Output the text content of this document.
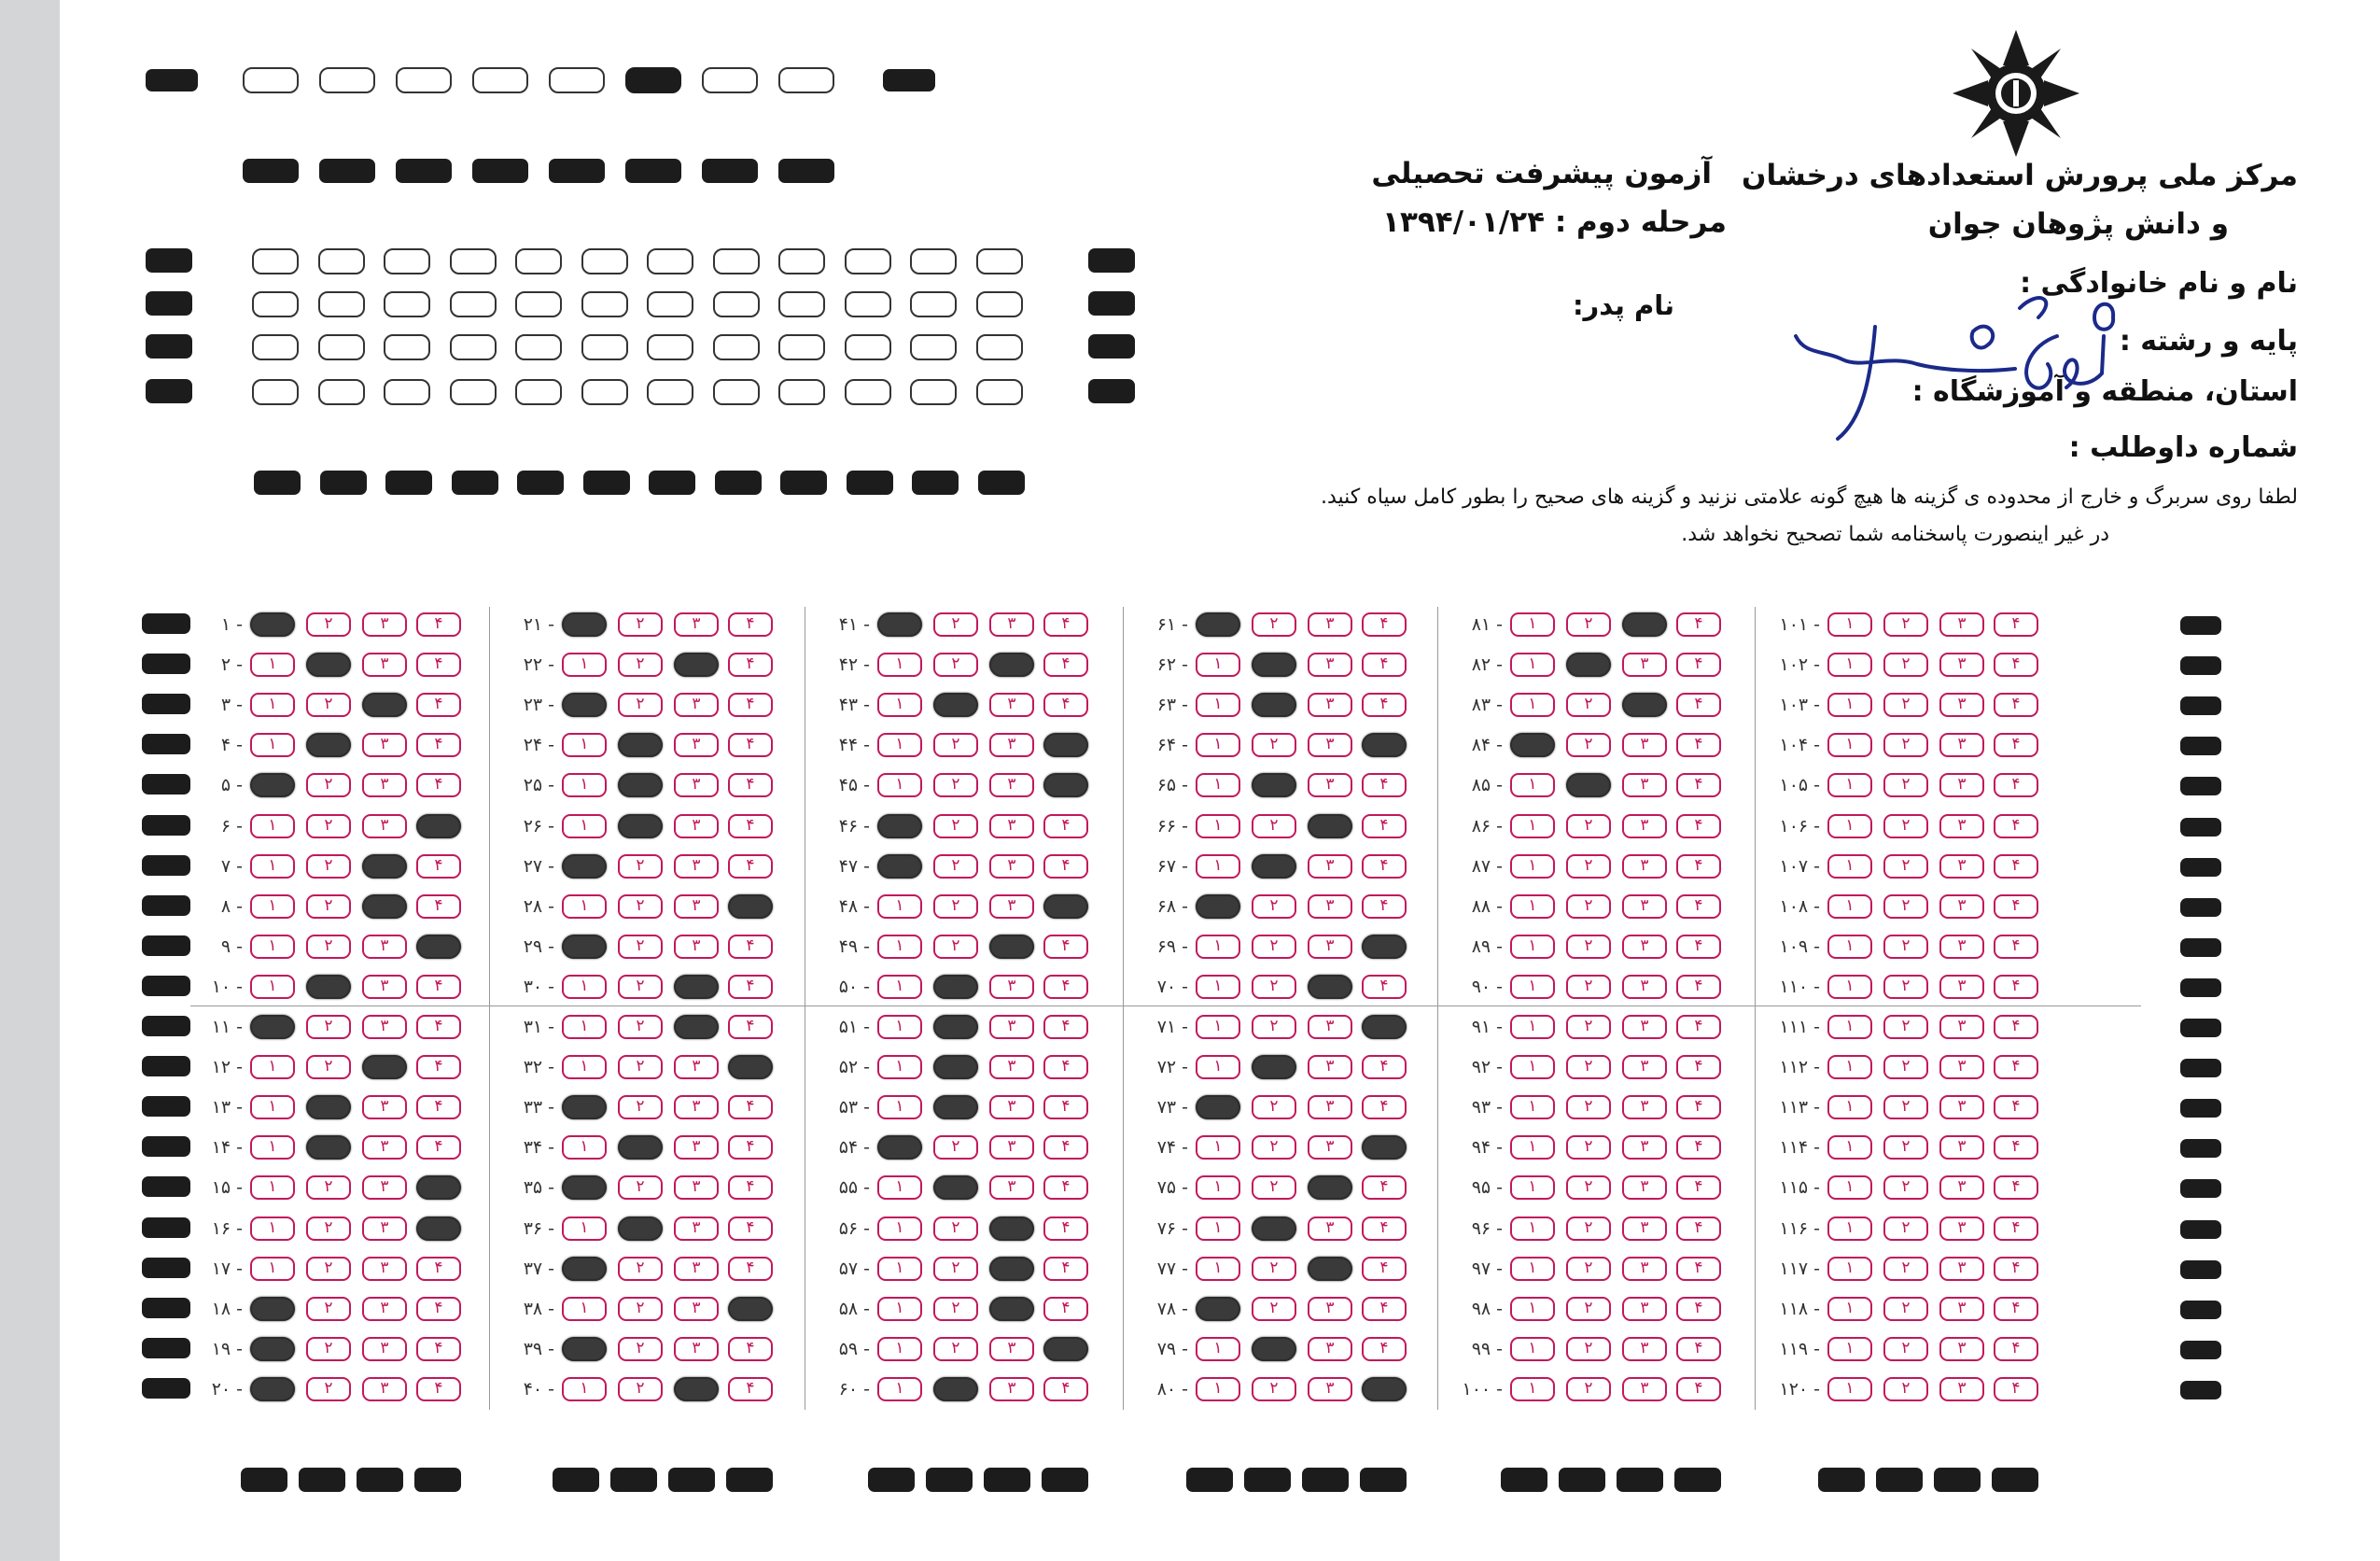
مرکز ملی پرورش استعدادهای درخشان
و دانش پژوهان جوان
آزمون پیشرفت تحصیلی
مرحله دوم : ۱۳۹۴/۰۱/۲۴
نام پدر:
نام و نام خانوادگی :
پایه و رشته :
استان، منطقه و آموزشگاه :
شماره داوطلب :
لطفا روی سربرگ و خارج از محدوده ی گزینه ها هیچ گونه علامتی نزنید و گزینه های صحیح را بطور کامل سیاه کنید.
در غیر اینصورت پاسخنامه شما تصحیح نخواهد شد.
۱ -	۱	۲	۳	۴
۲ -	۱	۲	۳	۴
۳ -	۱	۲	۳	۴
۴ -	۱	۲	۳	۴
۵ -	۱	۲	۳	۴
۶ -	۱	۲	۳	۴
۷ -	۱	۲	۳	۴
۸ -	۱	۲	۳	۴
۹ -	۱	۲	۳	۴
۱۰ -	۱	۲	۳	۴
۱۱ -	۱	۲	۳	۴
۱۲ -	۱	۲	۳	۴
۱۳ -	۱	۲	۳	۴
۱۴ -	۱	۲	۳	۴
۱۵ -	۱	۲	۳	۴
۱۶ -	۱	۲	۳	۴
۱۷ -	۱	۲	۳	۴
۱۸ -	۱	۲	۳	۴
۱۹ -	۱	۲	۳	۴
۲۰ -	۱	۲	۳	۴
۲۱ -	۱	۲	۳	۴
۲۲ -	۱	۲	۳	۴
۲۳ -	۱	۲	۳	۴
۲۴ -	۱	۲	۳	۴
۲۵ -	۱	۲	۳	۴
۲۶ -	۱	۲	۳	۴
۲۷ -	۱	۲	۳	۴
۲۸ -	۱	۲	۳	۴
۲۹ -	۱	۲	۳	۴
۳۰ -	۱	۲	۳	۴
۳۱ -	۱	۲	۳	۴
۳۲ -	۱	۲	۳	۴
۳۳ -	۱	۲	۳	۴
۳۴ -	۱	۲	۳	۴
۳۵ -	۱	۲	۳	۴
۳۶ -	۱	۲	۳	۴
۳۷ -	۱	۲	۳	۴
۳۸ -	۱	۲	۳	۴
۳۹ -	۱	۲	۳	۴
۴۰ -	۱	۲	۳	۴
۴۱ -	۱	۲	۳	۴
۴۲ -	۱	۲	۳	۴
۴۳ -	۱	۲	۳	۴
۴۴ -	۱	۲	۳	۴
۴۵ -	۱	۲	۳	۴
۴۶ -	۱	۲	۳	۴
۴۷ -	۱	۲	۳	۴
۴۸ -	۱	۲	۳	۴
۴۹ -	۱	۲	۳	۴
۵۰ -	۱	۲	۳	۴
۵۱ -	۱	۲	۳	۴
۵۲ -	۱	۲	۳	۴
۵۳ -	۱	۲	۳	۴
۵۴ -	۱	۲	۳	۴
۵۵ -	۱	۲	۳	۴
۵۶ -	۱	۲	۳	۴
۵۷ -	۱	۲	۳	۴
۵۸ -	۱	۲	۳	۴
۵۹ -	۱	۲	۳	۴
۶۰ -	۱	۲	۳	۴
۶۱ -	۱	۲	۳	۴
۶۲ -	۱	۲	۳	۴
۶۳ -	۱	۲	۳	۴
۶۴ -	۱	۲	۳	۴
۶۵ -	۱	۲	۳	۴
۶۶ -	۱	۲	۳	۴
۶۷ -	۱	۲	۳	۴
۶۸ -	۱	۲	۳	۴
۶۹ -	۱	۲	۳	۴
۷۰ -	۱	۲	۳	۴
۷۱ -	۱	۲	۳	۴
۷۲ -	۱	۲	۳	۴
۷۳ -	۱	۲	۳	۴
۷۴ -	۱	۲	۳	۴
۷۵ -	۱	۲	۳	۴
۷۶ -	۱	۲	۳	۴
۷۷ -	۱	۲	۳	۴
۷۸ -	۱	۲	۳	۴
۷۹ -	۱	۲	۳	۴
۸۰ -	۱	۲	۳	۴
۸۱ -	۱	۲	۳	۴
۸۲ -	۱	۲	۳	۴
۸۳ -	۱	۲	۳	۴
۸۴ -	۱	۲	۳	۴
۸۵ -	۱	۲	۳	۴
۸۶ -	۱	۲	۳	۴
۸۷ -	۱	۲	۳	۴
۸۸ -	۱	۲	۳	۴
۸۹ -	۱	۲	۳	۴
۹۰ -	۱	۲	۳	۴
۹۱ -	۱	۲	۳	۴
۹۲ -	۱	۲	۳	۴
۹۳ -	۱	۲	۳	۴
۹۴ -	۱	۲	۳	۴
۹۵ -	۱	۲	۳	۴
۹۶ -	۱	۲	۳	۴
۹۷ -	۱	۲	۳	۴
۹۸ -	۱	۲	۳	۴
۹۹ -	۱	۲	۳	۴
۱۰۰ -	۱	۲	۳	۴
۱۰۱ -	۱	۲	۳	۴
۱۰۲ -	۱	۲	۳	۴
۱۰۳ -	۱	۲	۳	۴
۱۰۴ -	۱	۲	۳	۴
۱۰۵ -	۱	۲	۳	۴
۱۰۶ -	۱	۲	۳	۴
۱۰۷ -	۱	۲	۳	۴
۱۰۸ -	۱	۲	۳	۴
۱۰۹ -	۱	۲	۳	۴
۱۱۰ -	۱	۲	۳	۴
۱۱۱ -	۱	۲	۳	۴
۱۱۲ -	۱	۲	۳	۴
۱۱۳ -	۱	۲	۳	۴
۱۱۴ -	۱	۲	۳	۴
۱۱۵ -	۱	۲	۳	۴
۱۱۶ -	۱	۲	۳	۴
۱۱۷ -	۱	۲	۳	۴
۱۱۸ -	۱	۲	۳	۴
۱۱۹ -	۱	۲	۳	۴
۱۲۰ -	۱	۲	۳	۴
